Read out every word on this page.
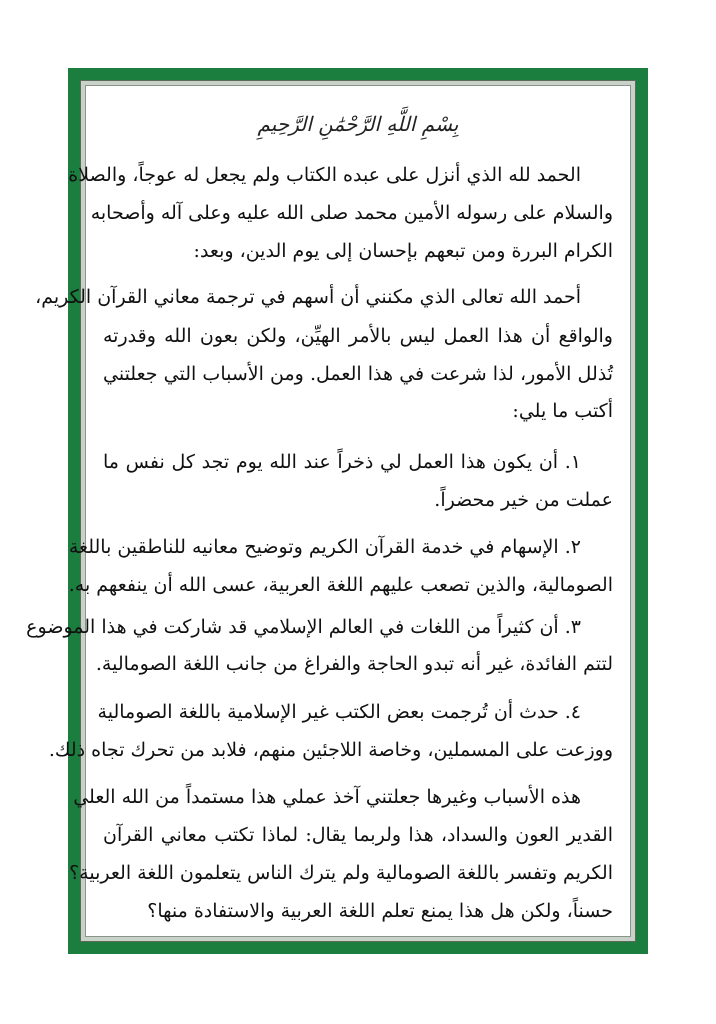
بِسْمِ اللَّهِ الرَّحْمَٰنِ الرَّحِيمِ
الحمد لله الذي أنزل على عبده الكتاب ولم يجعل له عوجاً، والصلاة
والسلام على رسوله الأمين محمد صلى الله عليه وعلى آله وأصحابه
الكرام البررة ومن تبعهم بإحسان إلى يوم الدين، وبعد:
أحمد الله تعالى الذي مكنني أن أسهم في ترجمة معاني القرآن الكريم،
والواقع أن هذا العمل ليس بالأمر الهيِّن، ولكن بعون الله وقدرته
تُذلل الأمور، لذا شرعت في هذا العمل. ومن الأسباب التي جعلتني
أكتب ما يلي:
١. أن يكون هذا العمل لي ذخراً عند الله يوم تجد كل نفس ما
عملت من خير محضراً.
٢. الإسهام في خدمة القرآن الكريم وتوضيح معانيه للناطقين باللغة
الصومالية، والذين تصعب عليهم اللغة العربية، عسى الله أن ينفعهم به.
٣. أن كثيراً من اللغات في العالم الإسلامي قد شاركت في هذا الموضوع
لتتم الفائدة، غير أنه تبدو الحاجة والفراغ من جانب اللغة الصومالية.
٤. حدث أن تُرجمت بعض الكتب غير الإسلامية باللغة الصومالية
ووزعت على المسملين، وخاصة اللاجئين منهم، فلابد من تحرك تجاه ذلك.
هذه الأسباب وغيرها جعلتني آخذ عملي هذا مستمداً من الله العلي
القدير العون والسداد، هذا ولربما يقال: لماذا تكتب معاني القرآن
الكريم وتفسر باللغة الصومالية ولم يترك الناس يتعلمون اللغة العربية؟
حسناً، ولكن هل هذا يمنع تعلم اللغة العربية والاستفادة منها؟
